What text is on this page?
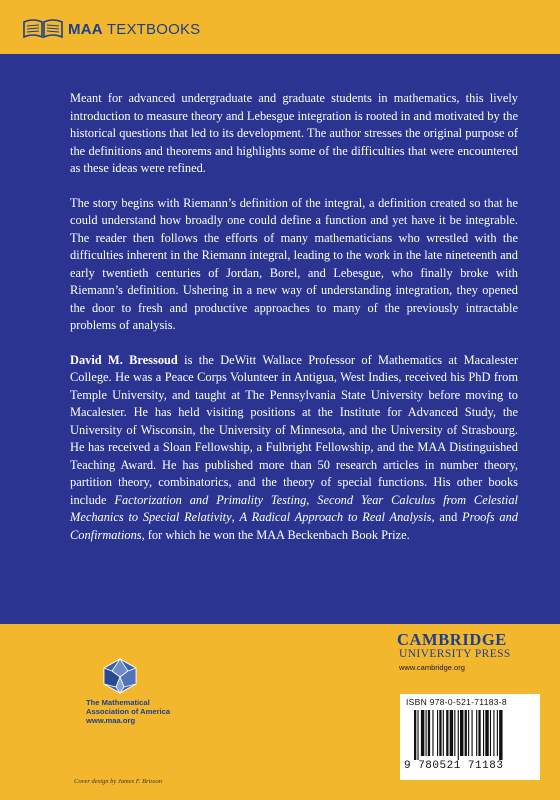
MAA TEXTBOOKS

Meant for advanced undergraduate and graduate students in mathematics, this lively introduction to measure theory and Lebesgue integration is rooted in and motivated by the historical questions that led to its development. The author stresses the original purpose of the definitions and theorems and highlights some of the difficulties that were encountered as these ideas were refined.

The story begins with Riemann’s definition of the integral, a definition created so that he could understand how broadly one could define a function and yet have it be integrable. The reader then follows the efforts of many mathematicians who wrestled with the difficulties inherent in the Riemann integral, leading to the work in the late nineteenth and early twentieth centuries of Jordan, Borel, and Lebesgue, who finally broke with Riemann’s definition. Ushering in a new way of understanding integration, they opened the door to fresh and productive approaches to many of the previously intractable problems of analysis.

David M. Bressoud is the DeWitt Wallace Professor of Mathematics at Macalester College. He was a Peace Corps Volunteer in Antigua, West Indies, received his PhD from Temple University, and taught at The Pennsylvania State University before moving to Macalester. He has held visiting positions at the Institute for Advanced Study, the University of Wisconsin, the University of Minnesota, and the University of Strasbourg. He has received a Sloan Fellowship, a Fulbright Fellowship, and the MAA Distinguished Teaching Award. He has published more than 50 research articles in number theory, partition theory, combinatorics, and the theory of special functions. His other books include Factorization and Primality Testing, Second Year Calculus from Celestial Mechanics to Special Relativity, A Radical Approach to Real Analysis, and Proofs and Confirmations, for which he won the MAA Beckenbach Book Prize.

The Mathematical
Association of America
www.maa.org
CAMBRIDGE
UNIVERSITY PRESS
www.cambridge.org
ISBN 978-0-521-71183-8
9 780521 71183
Cover design by James F. Brisson
